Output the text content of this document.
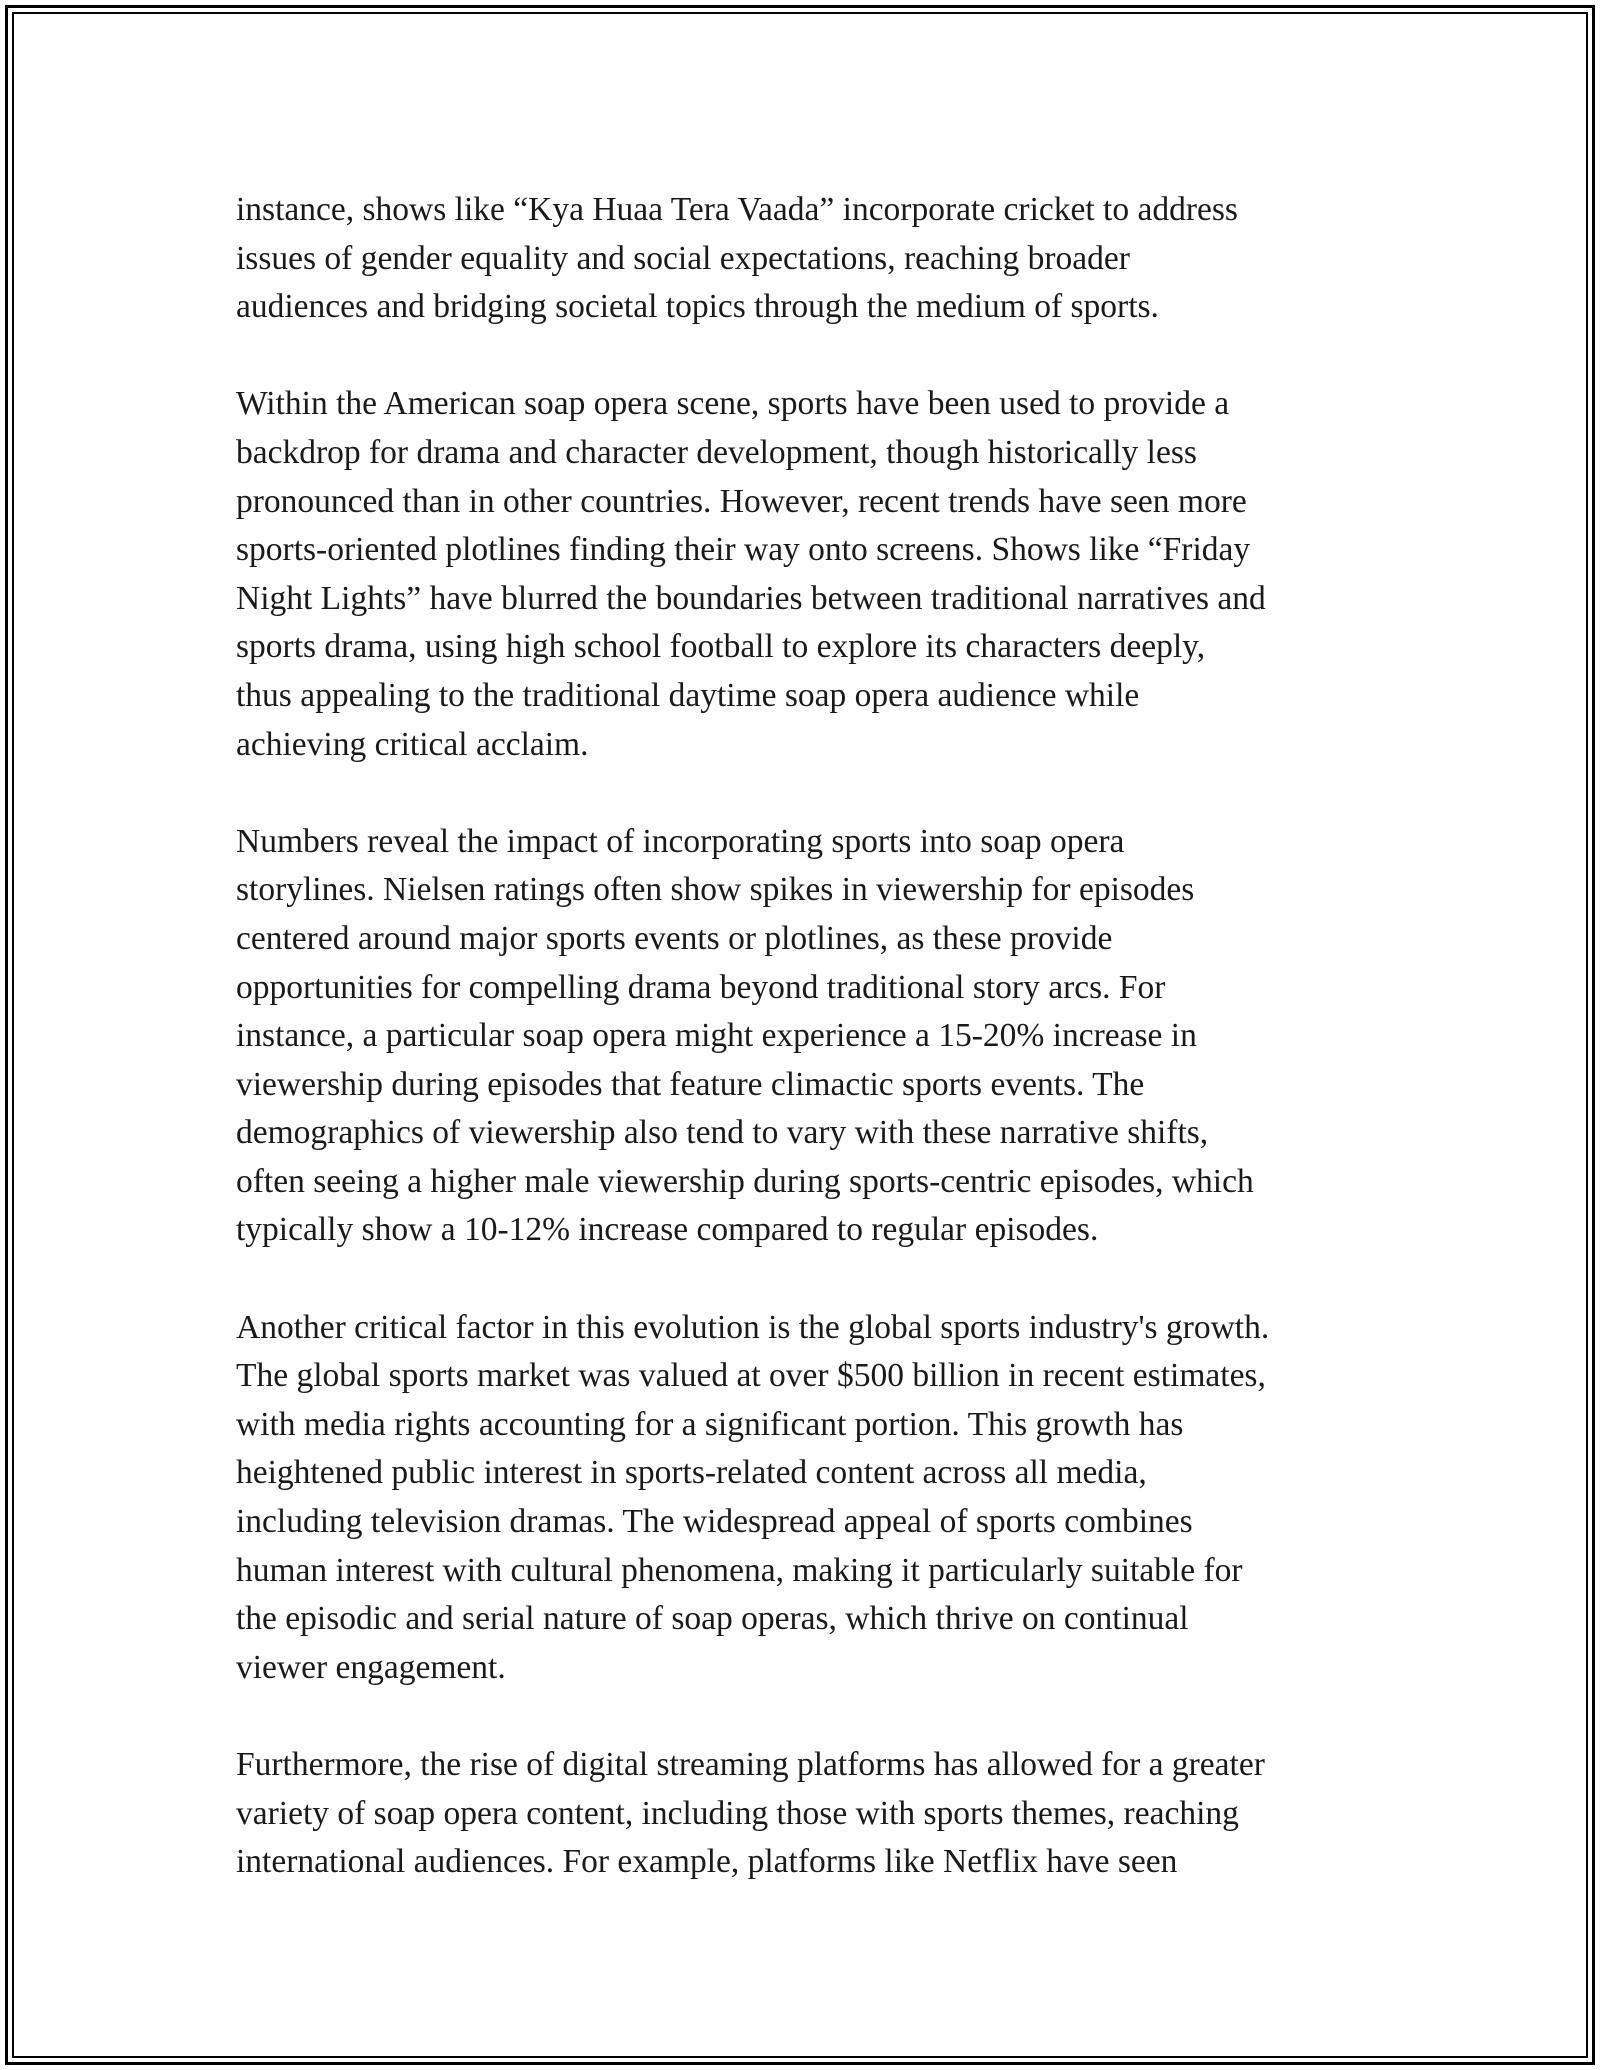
instance, shows like “Kya Huaa Tera Vaada” incorporate cricket to address
issues of gender equality and social expectations, reaching broader
audiences and bridging societal topics through the medium of sports.

Within the American soap opera scene, sports have been used to provide a
backdrop for drama and character development, though historically less
pronounced than in other countries. However, recent trends have seen more
sports-oriented plotlines finding their way onto screens. Shows like “Friday
Night Lights” have blurred the boundaries between traditional narratives and
sports drama, using high school football to explore its characters deeply,
thus appealing to the traditional daytime soap opera audience while
achieving critical acclaim.

Numbers reveal the impact of incorporating sports into soap opera
storylines. Nielsen ratings often show spikes in viewership for episodes
centered around major sports events or plotlines, as these provide
opportunities for compelling drama beyond traditional story arcs. For
instance, a particular soap opera might experience a 15-20% increase in
viewership during episodes that feature climactic sports events. The
demographics of viewership also tend to vary with these narrative shifts,
often seeing a higher male viewership during sports-centric episodes, which
typically show a 10-12% increase compared to regular episodes.

Another critical factor in this evolution is the global sports industry's growth.
The global sports market was valued at over $500 billion in recent estimates,
with media rights accounting for a significant portion. This growth has
heightened public interest in sports-related content across all media,
including television dramas. The widespread appeal of sports combines
human interest with cultural phenomena, making it particularly suitable for
the episodic and serial nature of soap operas, which thrive on continual
viewer engagement.

Furthermore, the rise of digital streaming platforms has allowed for a greater
variety of soap opera content, including those with sports themes, reaching
international audiences. For example, platforms like Netflix have seen
